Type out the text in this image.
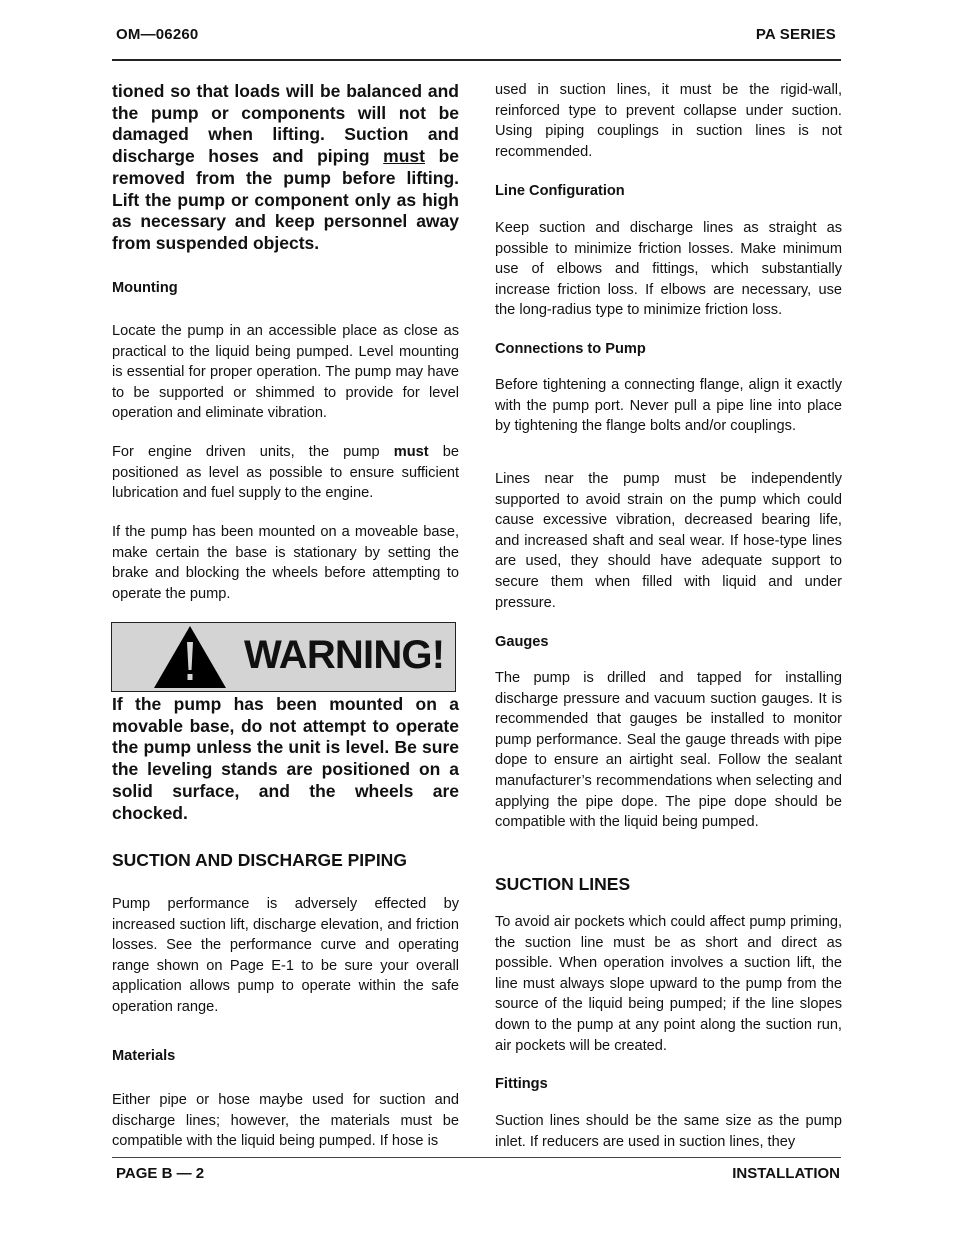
OM—06260	PA SERIES
tioned so that loads will be balanced and the pump or components will not be damaged when lifting. Suction and discharge hoses and piping must be removed from the pump before lifting. Lift the pump or component only as high as necessary and keep personnel away from suspended objects.
Mounting
Locate the pump in an accessible place as close as practical to the liquid being pumped. Level mounting is essential for proper operation. The pump may have to be supported or shimmed to provide for level operation and eliminate vibration.
For engine driven units, the pump must be positioned as level as possible to ensure sufficient lubrication and fuel supply to the engine.
If the pump has been mounted on a moveable base, make certain the base is stationary by setting the brake and blocking the wheels before attempting to operate the pump.
WARNING!
If the pump has been mounted on a movable base, do not attempt to operate the pump unless the unit is level. Be sure the leveling stands are positioned on a solid surface, and the wheels are chocked.
SUCTION AND DISCHARGE PIPING
Pump performance is adversely effected by increased suction lift, discharge elevation, and friction losses. See the performance curve and operating range shown on Page E-1 to be sure your overall application allows pump to operate within the safe operation range.
Materials
Either pipe or hose maybe used for suction and discharge lines; however, the materials must be compatible with the liquid being pumped. If hose is
used in suction lines, it must be the rigid-wall, reinforced type to prevent collapse under suction. Using piping couplings in suction lines is not recommended.
Line Configuration
Keep suction and discharge lines as straight as possible to minimize friction losses. Make minimum use of elbows and fittings, which substantially increase friction loss. If elbows are necessary, use the long-radius type to minimize friction loss.
Connections to Pump
Before tightening a connecting flange, align it exactly with the pump port. Never pull a pipe line into place by tightening the flange bolts and/or couplings.
Lines near the pump must be independently supported to avoid strain on the pump which could cause excessive vibration, decreased bearing life, and increased shaft and seal wear. If hose-type lines are used, they should have adequate support to secure them when filled with liquid and under pressure.
Gauges
The pump is drilled and tapped for installing discharge pressure and vacuum suction gauges. It is recommended that gauges be installed to monitor pump performance. Seal the gauge threads with pipe dope to ensure an airtight seal. Follow the sealant manufacturer’s recommendations when selecting and applying the pipe dope. The pipe dope should be compatible with the liquid being pumped.
SUCTION LINES
To avoid air pockets which could affect pump priming, the suction line must be as short and direct as possible. When operation involves a suction lift, the line must always slope upward to the pump from the source of the liquid being pumped; if the line slopes down to the pump at any point along the suction run, air pockets will be created.
Fittings
Suction lines should be the same size as the pump inlet. If reducers are used in suction lines, they
PAGE B — 2	INSTALLATION
